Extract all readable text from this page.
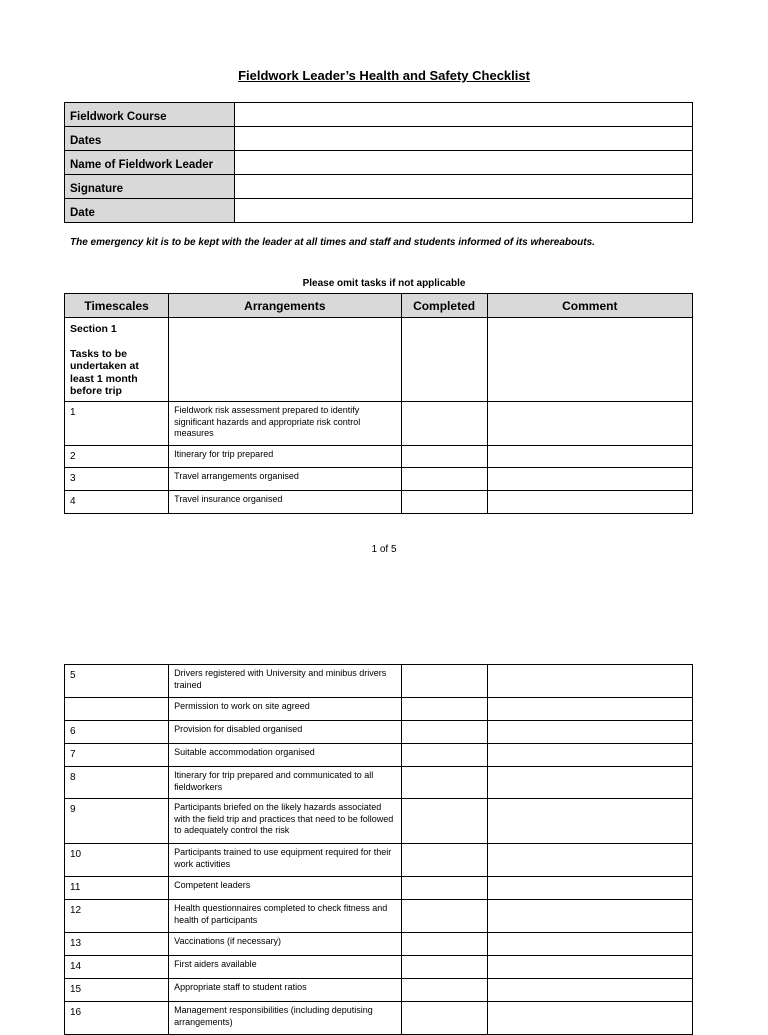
Fieldwork Leader’s Health and Safety Checklist
Fieldwork Course	
Dates	
Name of Fieldwork Leader	
Signature	
Date	
The emergency kit is to be kept with the leader at all times and staff and students informed of its whereabouts.
Please omit tasks if not applicable
Timescales	Arrangements	Completed	Comment
Section 1
Tasks to be undertaken at least 1 month before trip			

1	Fieldwork risk assessment prepared to identify significant hazards and appropriate risk control measures		
2	Itinerary for trip prepared		
3	Travel arrangements organised		
4	Travel insurance organised		
1 of 5
5	Drivers registered with University and minibus drivers trained		
	Permission to work on site agreed		
6	Provision for disabled organised		
7	Suitable accommodation organised		
8	Itinerary for trip prepared and communicated to all fieldworkers		
9	Participants briefed on the likely hazards associated with the field trip and practices that need to be followed to adequately control the risk		
10	Participants trained to use equipment required for their work activities		
11	Competent leaders		
12	Health questionnaires completed to check fitness and health of participants		
13	Vaccinations (if necessary)		
14	First aiders available		
15	Appropriate staff to student ratios		
16	Management responsibilities (including deputising arrangements)		
